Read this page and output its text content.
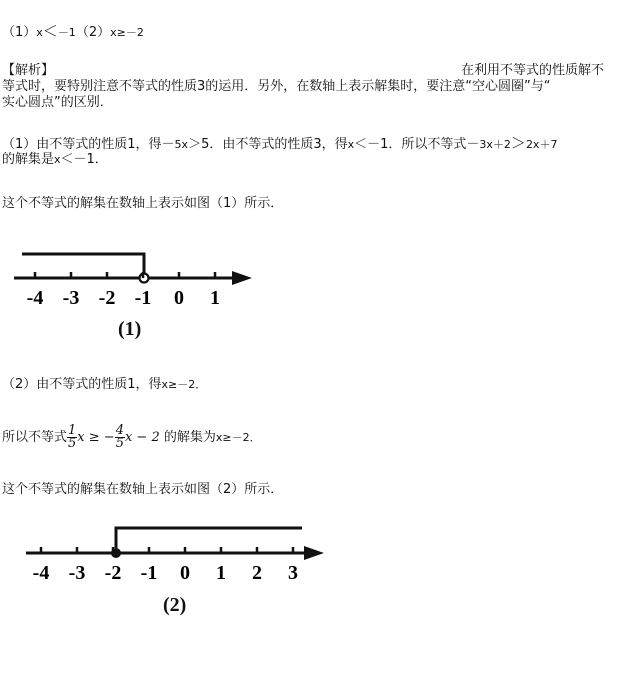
（1）x＜－1（2）x≥－2
【解析】	在利用不等式的性质解不
等式时，要特别注意不等式的性质3的运用．另外，在数轴上表示解集时，要注意“空心圆圈”与“
实心圆点”的区别．
（1）由不等式的性质1，得－5x＞5．由不等式的性质3，得x＜－1．所以不等式－3x＋2＞2x＋7
的解集是x＜－1．
这个不等式的解集在数轴上表示如图（1）所示．
-4 -3 -2 -1 0 1
(1)
（2）由不等式的性质1，得x≥－2．
所以不等式 $\frac{1}{5}$ x ≥ − $\frac{4}{5}$ x − 2 的解集为x≥－2．
这个不等式的解集在数轴上表示如图（2）所示．
-4 -3 -2 -1 0 1 2 3
(2)
